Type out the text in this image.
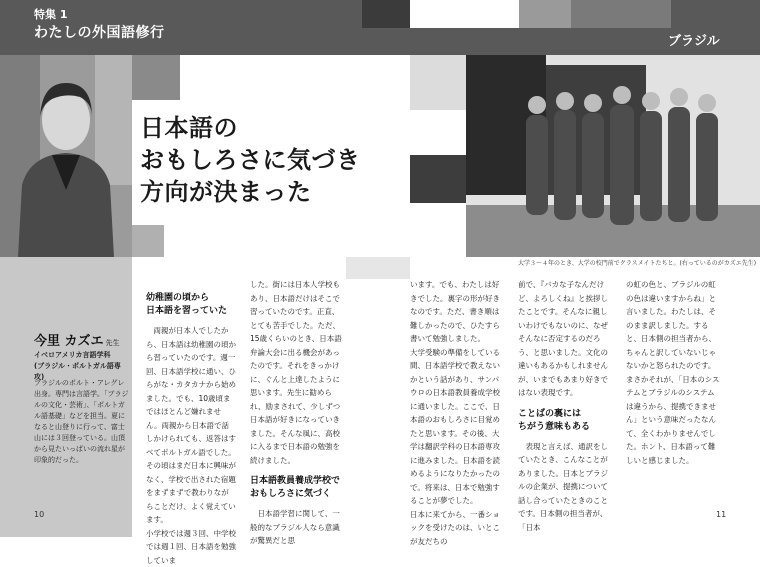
特集 1
わたしの外国語修行
ブラジル
日本語の
おもしろさに気づき
方向が決まった
大学３〜４年のとき、大学の校門前でクラスメイトたちと。(右っているのがカズエ先生)
今里 カズエ 先生
イベロアメリカ言語学科
(ブラジル・ポルトガル語専攻)
ブラジルのポルト・アレグレ出身。専門は言語学。「ブラジルの文化・芸術」、「ポルトガル語基礎」などを担当。夏になると山登りに行って、富士山には３回登っている。山頂から見たいっぱいの流れ星が印象的だった。
幼稚園の頃から
日本語を習っていた

両親が日本人でしたから、日本語は幼稚園の頃から習っていたのです。週一回、日本語学校に通い、ひらがな・カタカナから始めました。でも、10歳頃まではほとんど嫌れません。両親から日本語で話しかけられても、返答はすべてポルトガル語でした。その頃はまだ日本に興味がなく、学校で出された宿題をまずまずで教わりながらことだけ、よく覚えています。
小学校では週３回、中学校では週１回、日本語を勉強していま

した。街には日本人学校もあり、日本語だけはそこで習っていたのです。正直、とても苦手でした。ただ、15歳くらいのとき、日本語弁論大会に出る機会があったのです。それをきっかけに、ぐんと上達したように思います。先生に勧められ、励まされて、少しずつ日本語が好きになっていきました。そんな風に、高校に入るまで日本語の勉強を続けました。

日本語教員養成学校で
おもしろさに気づく

日本語学習に関して、一般的なブラジル人なら意識が驚異だと思

います。でも、わたしは好きでした。裏字の形が好きなのです。ただ、書き順は難しかったので、ひたすら書いて勉強しました。
大学受験の準備をしている間、日本語学校で教えないかという話があり、サンパウロの日本語教員養成学校に通いました。ここで、日本語のおもしろさに目覚めたと思います。その後、大学は翻訳学科の日本語専攻に進みました。日本語を読めるようになりたかったので。将来は、日本で勉強することが夢でした。
日本に来てから、一番ショックを受けたのは、いとこが友だちの

前で、『バカな子なんだけど、よろしくね』と挨拶したことです。そんなに親しいわけでもないのに、なぜそんなに否定するのだろう、と思いました。文化の違いもあるかもしれませんが、いまでもあまり好きではない表現です。

ことばの裏には
ちがう意味もある

表現と言えば、通訳をしていたとき、こんなことがありました。日本とブラジルの企業が、提携について話し合っていたときのことです。日本側の担当者が、「日本

の虹の色と、ブラジルの虹の色は違いますからね」と言いました。わたしは、そのまま訳しました。すると、日本側の担当者から、ちゃんと訳していないじゃないかと怒られたのです。
まさかそれが、「日本のシステムとブラジルのシステムは違うから、提携できません」という意味だったなんて、全くわかりませんでした。ホント、日本語って難しいと感じました。

10	11
